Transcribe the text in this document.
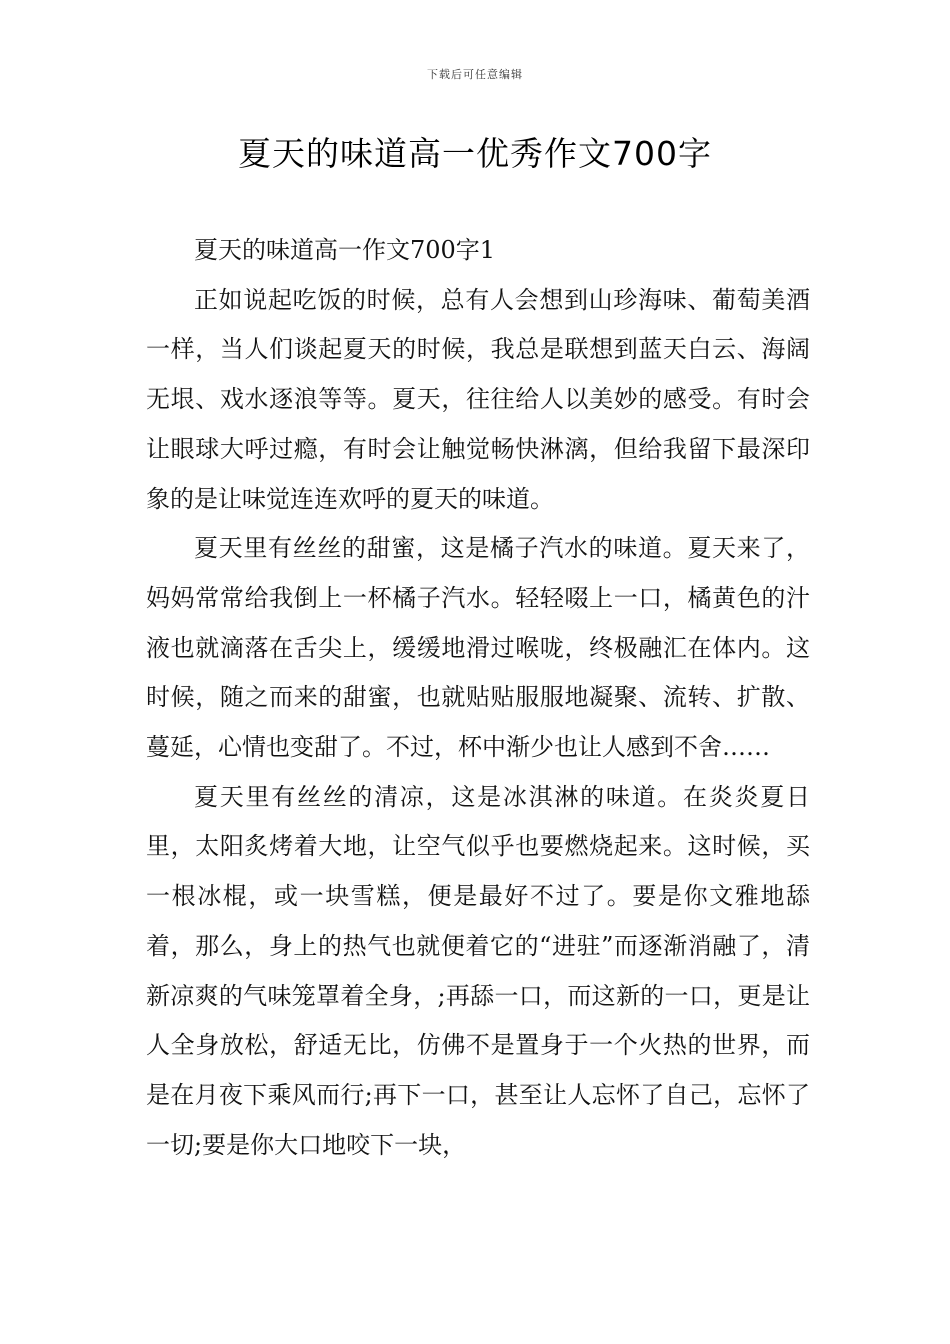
下载后可任意编辑
夏天的味道高一优秀作文700字

夏天的味道高一作文700字1

正如说起吃饭的时候，总有人会想到山珍海味、葡萄美酒一样，当人们谈起夏天的时候，我总是联想到蓝天白云、海阔无垠、戏水逐浪等等。夏天，往往给人以美妙的感受。有时会让眼球大呼过瘾，有时会让触觉畅快淋漓，但给我留下最深印象的是让味觉连连欢呼的夏天的味道。

夏天里有丝丝的甜蜜，这是橘子汽水的味道。夏天来了，妈妈常常给我倒上一杯橘子汽水。轻轻啜上一口，橘黄色的汁液也就滴落在舌尖上，缓缓地滑过喉咙，终极融汇在体内。这时候，随之而来的甜蜜，也就贴贴服服地凝聚、流转、扩散、蔓延，心情也变甜了。不过，杯中渐少也让人感到不舍……

夏天里有丝丝的清凉，这是冰淇淋的味道。在炎炎夏日里，太阳炙烤着大地，让空气似乎也要燃烧起来。这时候，买一根冰棍，或一块雪糕，便是最好不过了。要是你文雅地舔着，那么，身上的热气也就便着它的“进驻”而逐渐消融了，清新凉爽的气味笼罩着全身，;再舔一口，而这新的一口，更是让人全身放松，舒适无比，仿佛不是置身于一个火热的世界，而是在月夜下乘风而行;再下一口，甚至让人忘怀了自己，忘怀了一切;要是你大口地咬下一块，
